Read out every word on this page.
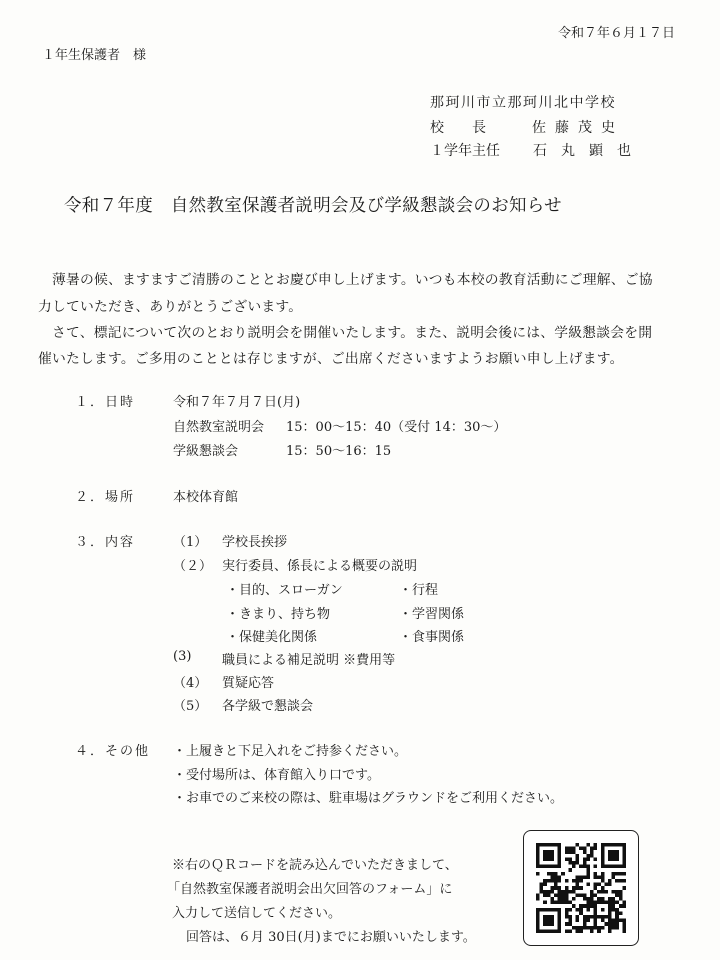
令和７年６月１７日
１年生保護者　様
那珂川市立那珂川北中学校
校　　長	佐藤茂史
１学年主任 石　丸　顕　也
令和７年度　自然教室保護者説明会及び学級懇談会のお知らせ
　薄暑の候、ますますご清勝のこととお慶び申し上げます。いつも本校の教育活動にご理解、ご協
力していただき、ありがとうございます。
　さて、標記について次のとおり説明会を開催いたします。また、説明会後には、学級懇談会を開
催いたします。ご多用のこととは存じますが、ご出席くださいますようお願い申し上げます。
１．日時	令和７年７月７日(月)
自然教室説明会 15：00～15：40（受付 14：30～）
学級懇談会	15：50～16：15
２．場所	本校体育館
３．内容	（1） 学校長挨拶
（２） 実行委員、係長による概要の説明
・目的、スローガン	・行程
・きまり、持ち物	・学習関係
・保健美化関係	・食事関係
(3) 職員による補足説明 ※費用等
（4） 質疑応答
（5） 各学級で懇談会
４．その他 ・上履きと下足入れをご持参ください。
・受付場所は、体育館入り口です。
・お車でのご来校の際は、駐車場はグラウンドをご利用ください。
※右のＱＲコードを読み込んでいただきまして、
「自然教室保護者説明会出欠回答のフォーム」に
入力して送信してください。
回答は、６月 30日(月)までにお願いいたします。
